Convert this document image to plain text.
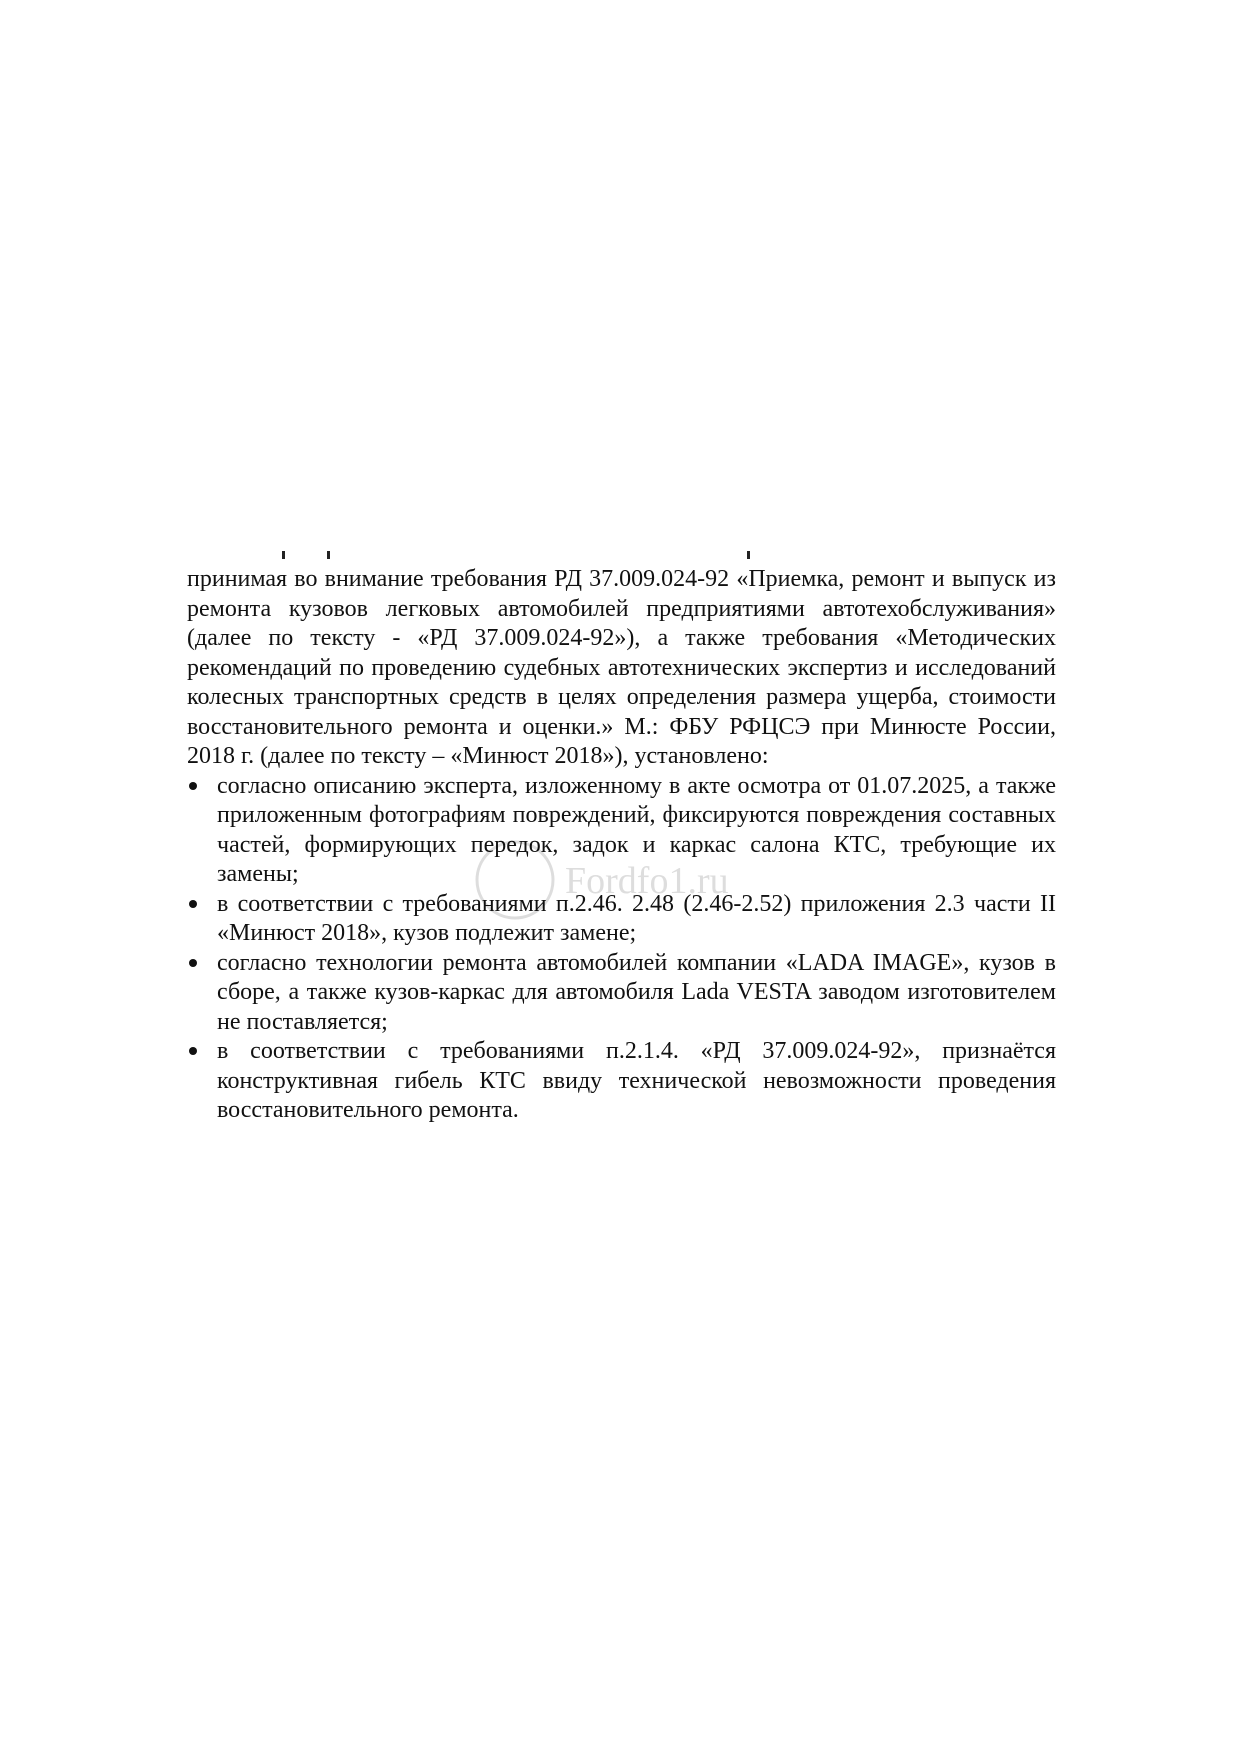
принимая во внимание требования РД 37.009.024-92 «Приемка, ремонт и выпуск из ремонта кузовов легковых автомобилей предприятиями автотехобслуживания» (далее по тексту - «РД 37.009.024-92»), а также требования «Методических рекомендаций по проведению судебных автотехнических экспертиз и исследований колесных транспортных средств в целях определения размера ущерба, стоимости восстановительного ремонта и оценки.» М.: ФБУ РФЦСЭ при Минюсте России, 2018 г. (далее по тексту – «Минюст 2018»), установлено:

согласно описанию эксперта, изложенному в акте осмотра от 01.07.2025, а также приложенным фотографиям повреждений, фиксируются повреждения составных частей, формирующих передок, задок и каркас салона КТС, требующие их замены;
в соответствии с требованиями п.2.46. 2.48 (2.46-2.52) приложения 2.3 части II «Минюст 2018», кузов подлежит замене;
согласно технологии ремонта автомобилей компании «LADA IMAGE», кузов в сборе, а также кузов-каркас для автомобиля Lada VESTA заводом изготовителем не поставляется;
в соответствии с требованиями п.2.1.4. «РД 37.009.024-92», признаётся конструктивная гибель КТС ввиду технической невозможности проведения восстановительного ремонта.
Fordfo1.ru
